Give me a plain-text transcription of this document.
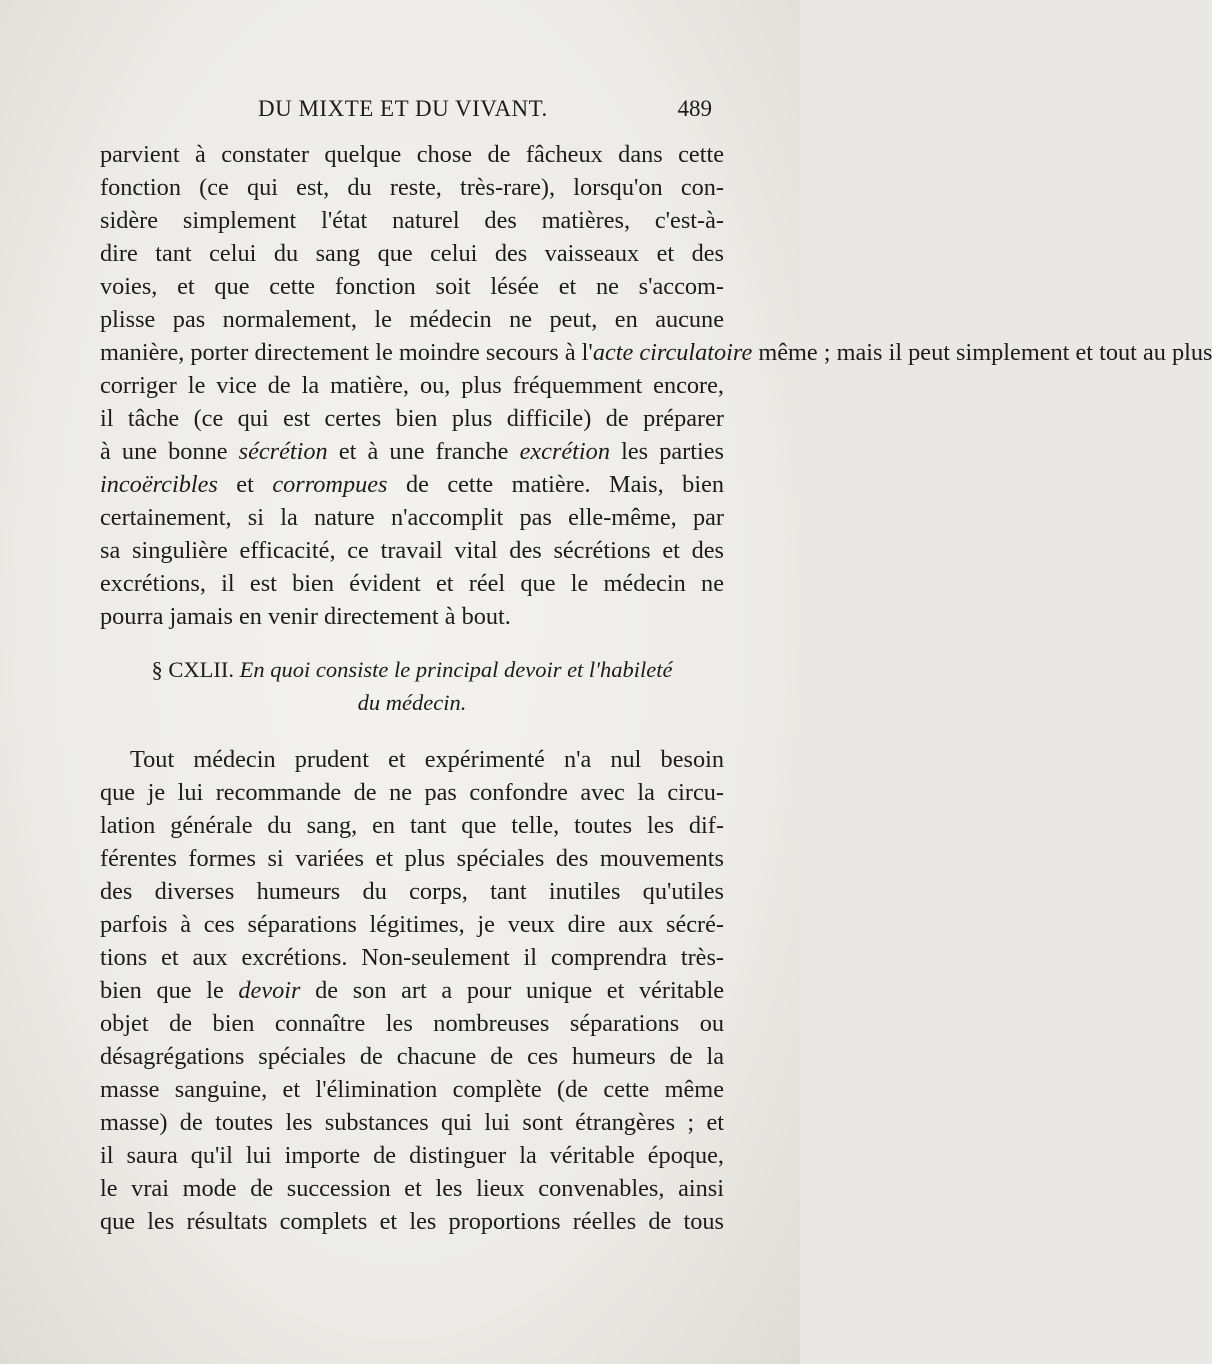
DU MIXTE ET DU VIVANT.	489
parvient à constater quelque chose de fâcheux dans cette
fonction (ce qui est, du reste, très-rare), lorsqu'on con-
sidère simplement l'état naturel des matières, c'est-à-
dire tant celui du sang que celui des vaisseaux et des
voies, et que cette fonction soit lésée et ne s'accom-
plisse pas normalement, le médecin ne peut, en aucune
manière, porter directement le moindre secours à l'acte circulatoire même ; mais il peut simplement et tout au plus
corriger le vice de la matière, ou, plus fréquemment encore,
il tâche (ce qui est certes bien plus difficile) de préparer
à une bonne sécrétion et à une franche excrétion les parties
incoërcibles et corrompues de cette matière. Mais, bien
certainement, si la nature n'accomplit pas elle-même, par
sa singulière efficacité, ce travail vital des sécrétions et des
excrétions, il est bien évident et réel que le médecin ne
pourra jamais en venir directement à bout.
§ CXLII. En quoi consiste le principal devoir et l'habileté
du médecin.
Tout médecin prudent et expérimenté n'a nul besoin
que je lui recommande de ne pas confondre avec la circu-
lation générale du sang, en tant que telle, toutes les dif-
férentes formes si variées et plus spéciales des mouvements
des diverses humeurs du corps, tant inutiles qu'utiles
parfois à ces séparations légitimes, je veux dire aux sécré-
tions et aux excrétions. Non-seulement il comprendra très-
bien que le devoir de son art a pour unique et véritable
objet de bien connaître les nombreuses séparations ou
désagrégations spéciales de chacune de ces humeurs de la
masse sanguine, et l'élimination complète (de cette même
masse) de toutes les substances qui lui sont étrangères ; et
il saura qu'il lui importe de distinguer la véritable époque,
le vrai mode de succession et les lieux convenables, ainsi
que les résultats complets et les proportions réelles de tous
